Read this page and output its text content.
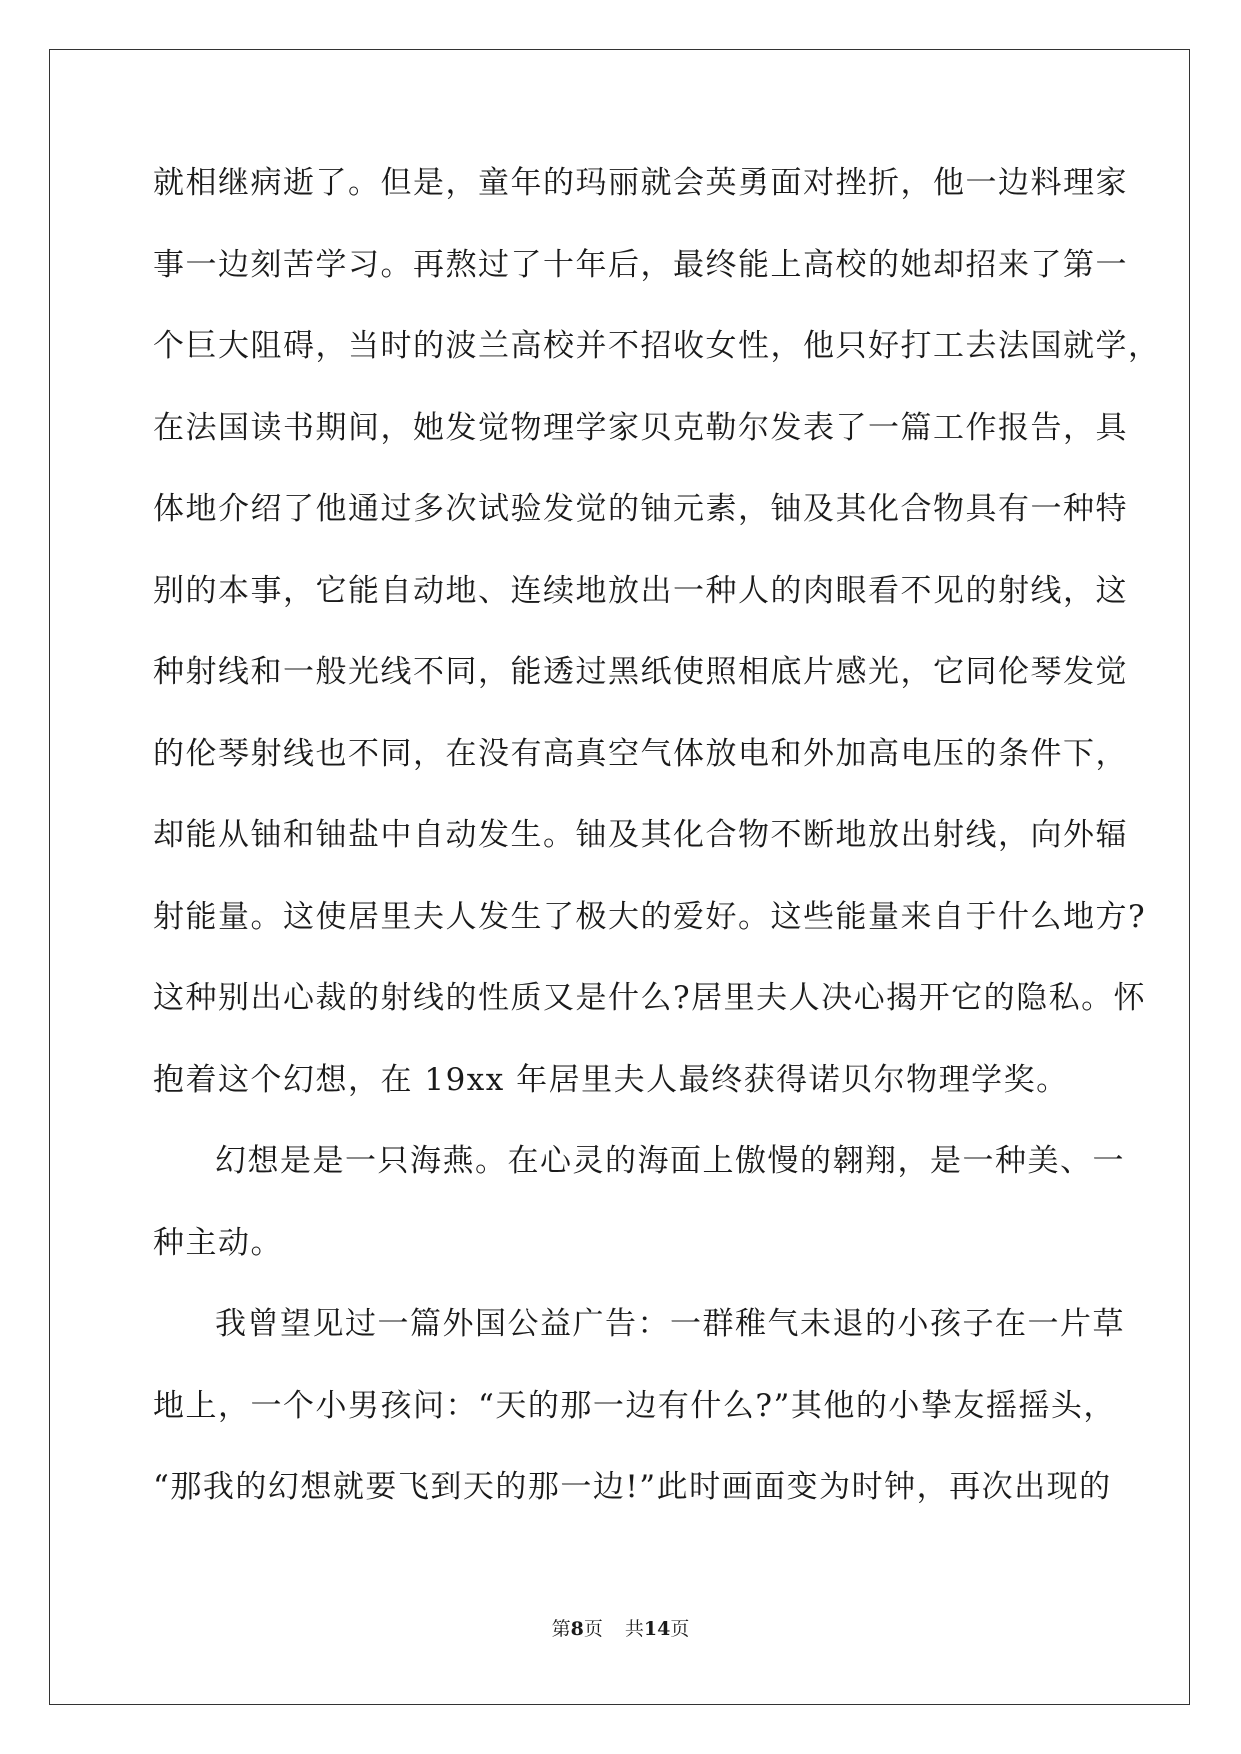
就相继病逝了。但是，童年的玛丽就会英勇面对挫折，他一边料理家
事一边刻苦学习。再熬过了十年后，最终能上高校的她却招来了第一
个巨大阻碍，当时的波兰高校并不招收女性，他只好打工去法国就学，
在法国读书期间，她发觉物理学家贝克勒尔发表了一篇工作报告，具
体地介绍了他通过多次试验发觉的铀元素，铀及其化合物具有一种特
别的本事，它能自动地、连续地放出一种人的肉眼看不见的射线，这
种射线和一般光线不同，能透过黑纸使照相底片感光，它同伦琴发觉
的伦琴射线也不同，在没有高真空气体放电和外加高电压的条件下，
却能从铀和铀盐中自动发生。铀及其化合物不断地放出射线，向外辐
射能量。这使居里夫人发生了极大的爱好。这些能量来自于什么地方?
这种别出心裁的射线的性质又是什么?居里夫人决心揭开它的隐私。怀
抱着这个幻想，在 19xx 年居里夫人最终获得诺贝尔物理学奖。
幻想是是一只海燕。在心灵的海面上傲慢的翱翔，是一种美、一
种主动。
我曾望见过一篇外国公益广告：一群稚气未退的小孩子在一片草
地上，一个小男孩问：“天的那一边有什么?”其他的小挚友摇摇头，
“那我的幻想就要飞到天的那一边!”此时画面变为时钟，再次出现的
第8页 共14页
